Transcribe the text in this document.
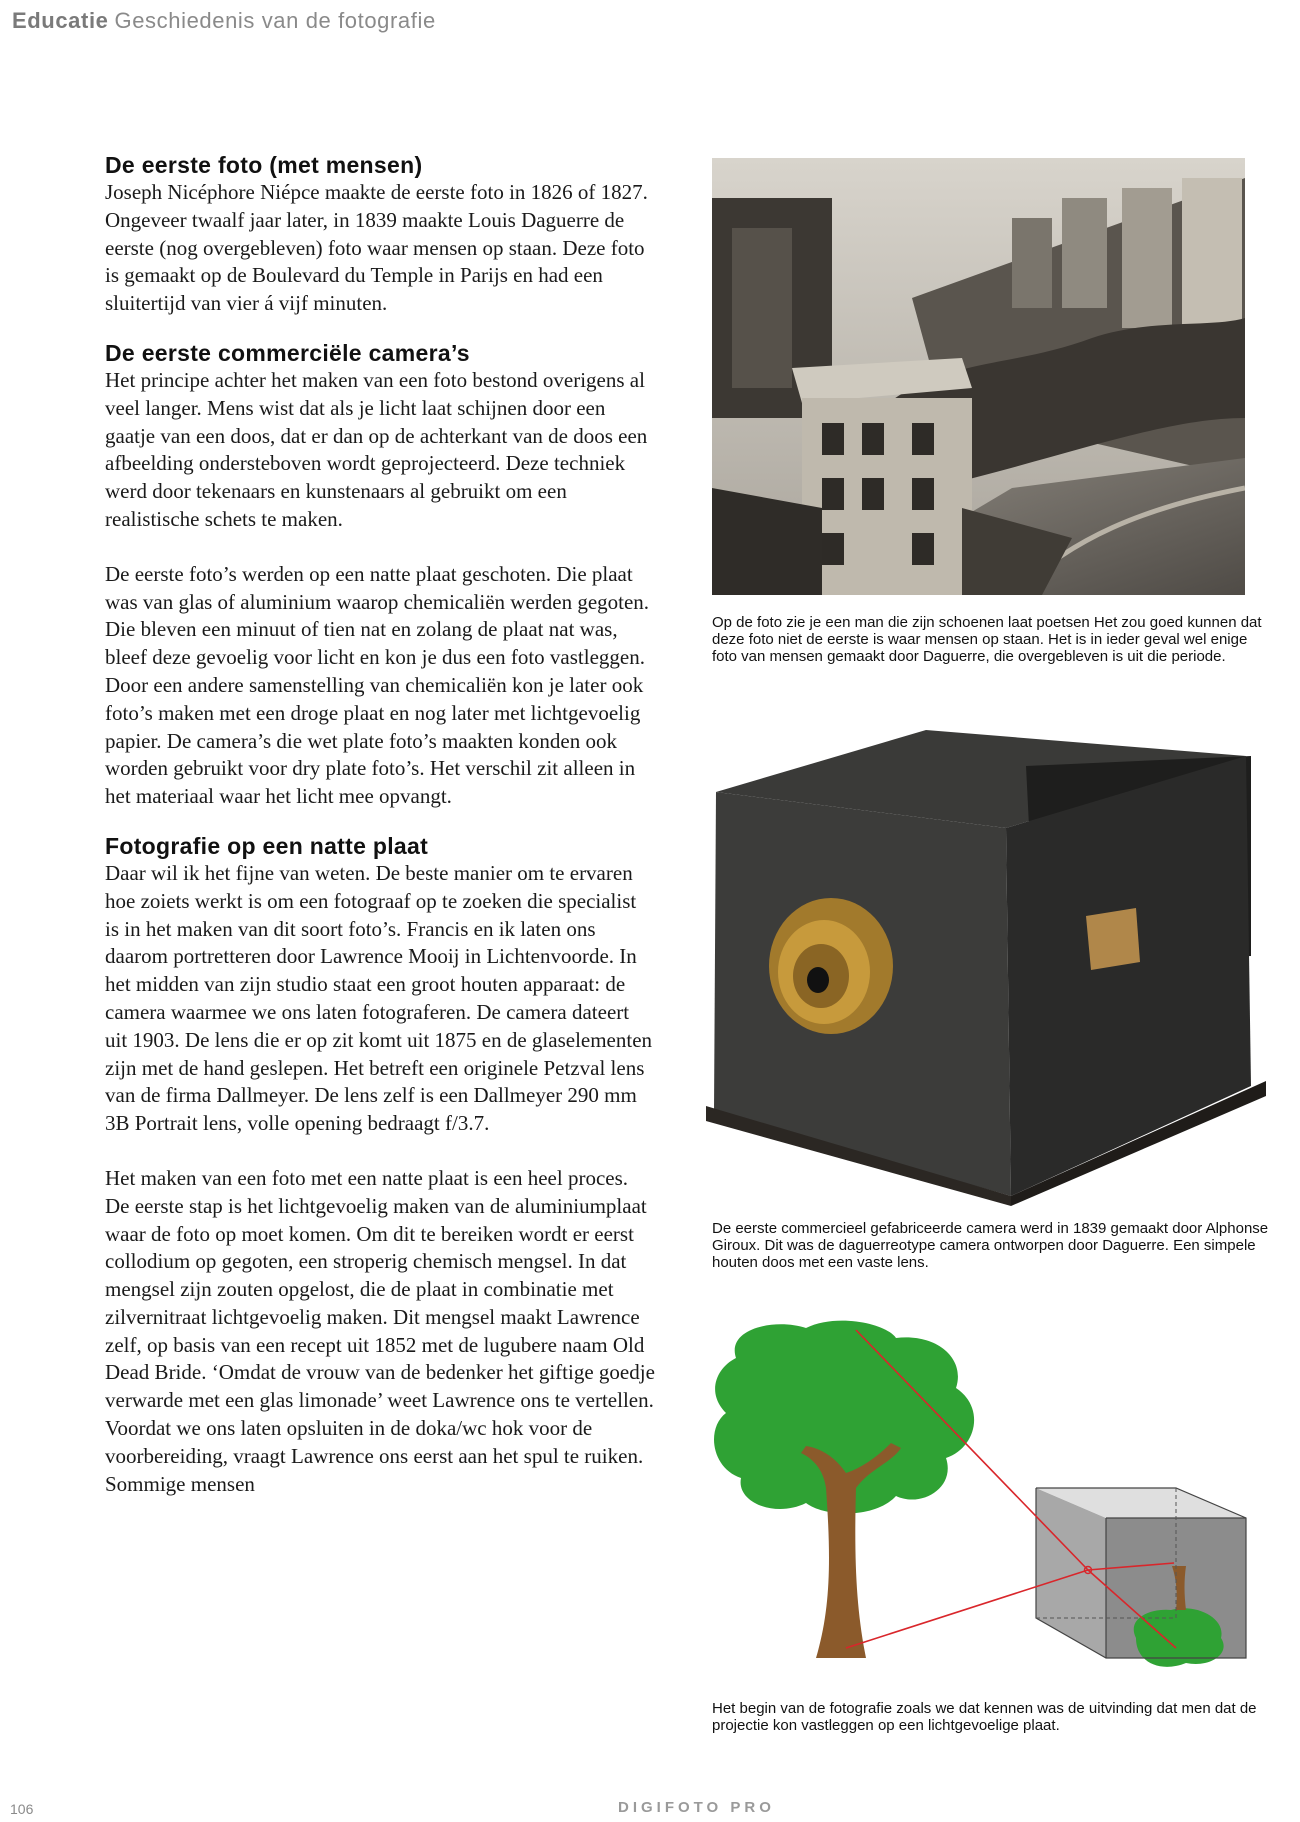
Educatie Geschiedenis van de fotografie
De eerste foto (met mensen)

Joseph Nicéphore Niépce maakte de eerste foto in 1826 of 1827. Ongeveer twaalf jaar later, in 1839 maakte Louis Daguerre de eerste (nog overgebleven) foto waar mensen op staan. Deze foto is gemaakt op de Boulevard du Temple in Parijs en had een sluitertijd van vier á vijf minuten.

De eerste commerciële camera’s

Het principe achter het maken van een foto bestond overigens al veel langer. Mens wist dat als je licht laat schijnen door een gaatje van een doos, dat er dan op de achterkant van de doos een afbeelding ondersteboven wordt geprojecteerd. Deze techniek werd door tekenaars en kunstenaars al gebruikt om een realistische schets te maken.

De eerste foto’s werden op een natte plaat geschoten. Die plaat was van glas of aluminium waarop chemicaliën werden gegoten. Die bleven een minuut of tien nat en zolang de plaat nat was, bleef deze gevoelig voor licht en kon je dus een foto vastleggen. Door een andere samenstelling van chemicaliën kon je later ook foto’s maken met een droge plaat en nog later met lichtgevoelig papier. De camera’s die wet plate foto’s maakten konden ook worden gebruikt voor dry plate foto’s. Het verschil zit alleen in het materiaal waar het licht mee opvangt.

Fotografie op een natte plaat

Daar wil ik het fijne van weten. De beste manier om te ervaren hoe zoiets werkt is om een fotograaf op te zoeken die specialist is in het maken van dit soort foto’s. Francis en ik laten ons daarom portretteren door Lawrence Mooij in Lichtenvoorde. In het midden van zijn studio staat een groot houten apparaat: de camera waarmee we ons laten fotograferen. De camera dateert uit 1903. De lens die er op zit komt uit 1875 en de glaselementen zijn met de hand geslepen. Het betreft een originele Petzval lens van de firma Dallmeyer. De lens zelf is een Dallmeyer 290 mm 3B Portrait lens, volle opening bedraagt f/3.7.

Het maken van een foto met een natte plaat is een heel proces. De eerste stap is het lichtgevoelig maken van de aluminiumplaat waar de foto op moet komen. Om dit te bereiken wordt er eerst collodium op gegoten, een stroperig chemisch mengsel. In dat mengsel zijn zouten opgelost, die de plaat in combinatie met zilvernitraat lichtgevoelig maken. Dit mengsel maakt Lawrence zelf, op basis van een recept uit 1852 met de lugubere naam Old Dead Bride. ‘Omdat de vrouw van de bedenker het giftige goedje verwarde met een glas limonade’ weet Lawrence ons te vertellen. Voordat we ons laten opsluiten in de doka/wc hok voor de voorbereiding, vraagt Lawrence ons eerst aan het spul te ruiken. Sommige mensen

Op de foto zie je een man die zijn schoenen laat poetsen Het zou goed kunnen dat deze foto niet de eerste is waar mensen op staan. Het is in ieder geval wel enige foto van mensen gemaakt door Daguerre, die overgebleven is uit die periode.

De eerste commercieel gefabriceerde camera werd in 1839 gemaakt door Alphonse Giroux. Dit was de daguerreotype camera ontworpen door Daguerre. Een simpele houten doos met een vaste lens.

Het begin van de fotografie zoals we dat kennen was de uitvinding dat men dat de projectie kon vastleggen op een lichtgevoelige plaat.

106	DIGIFOTO PRO
